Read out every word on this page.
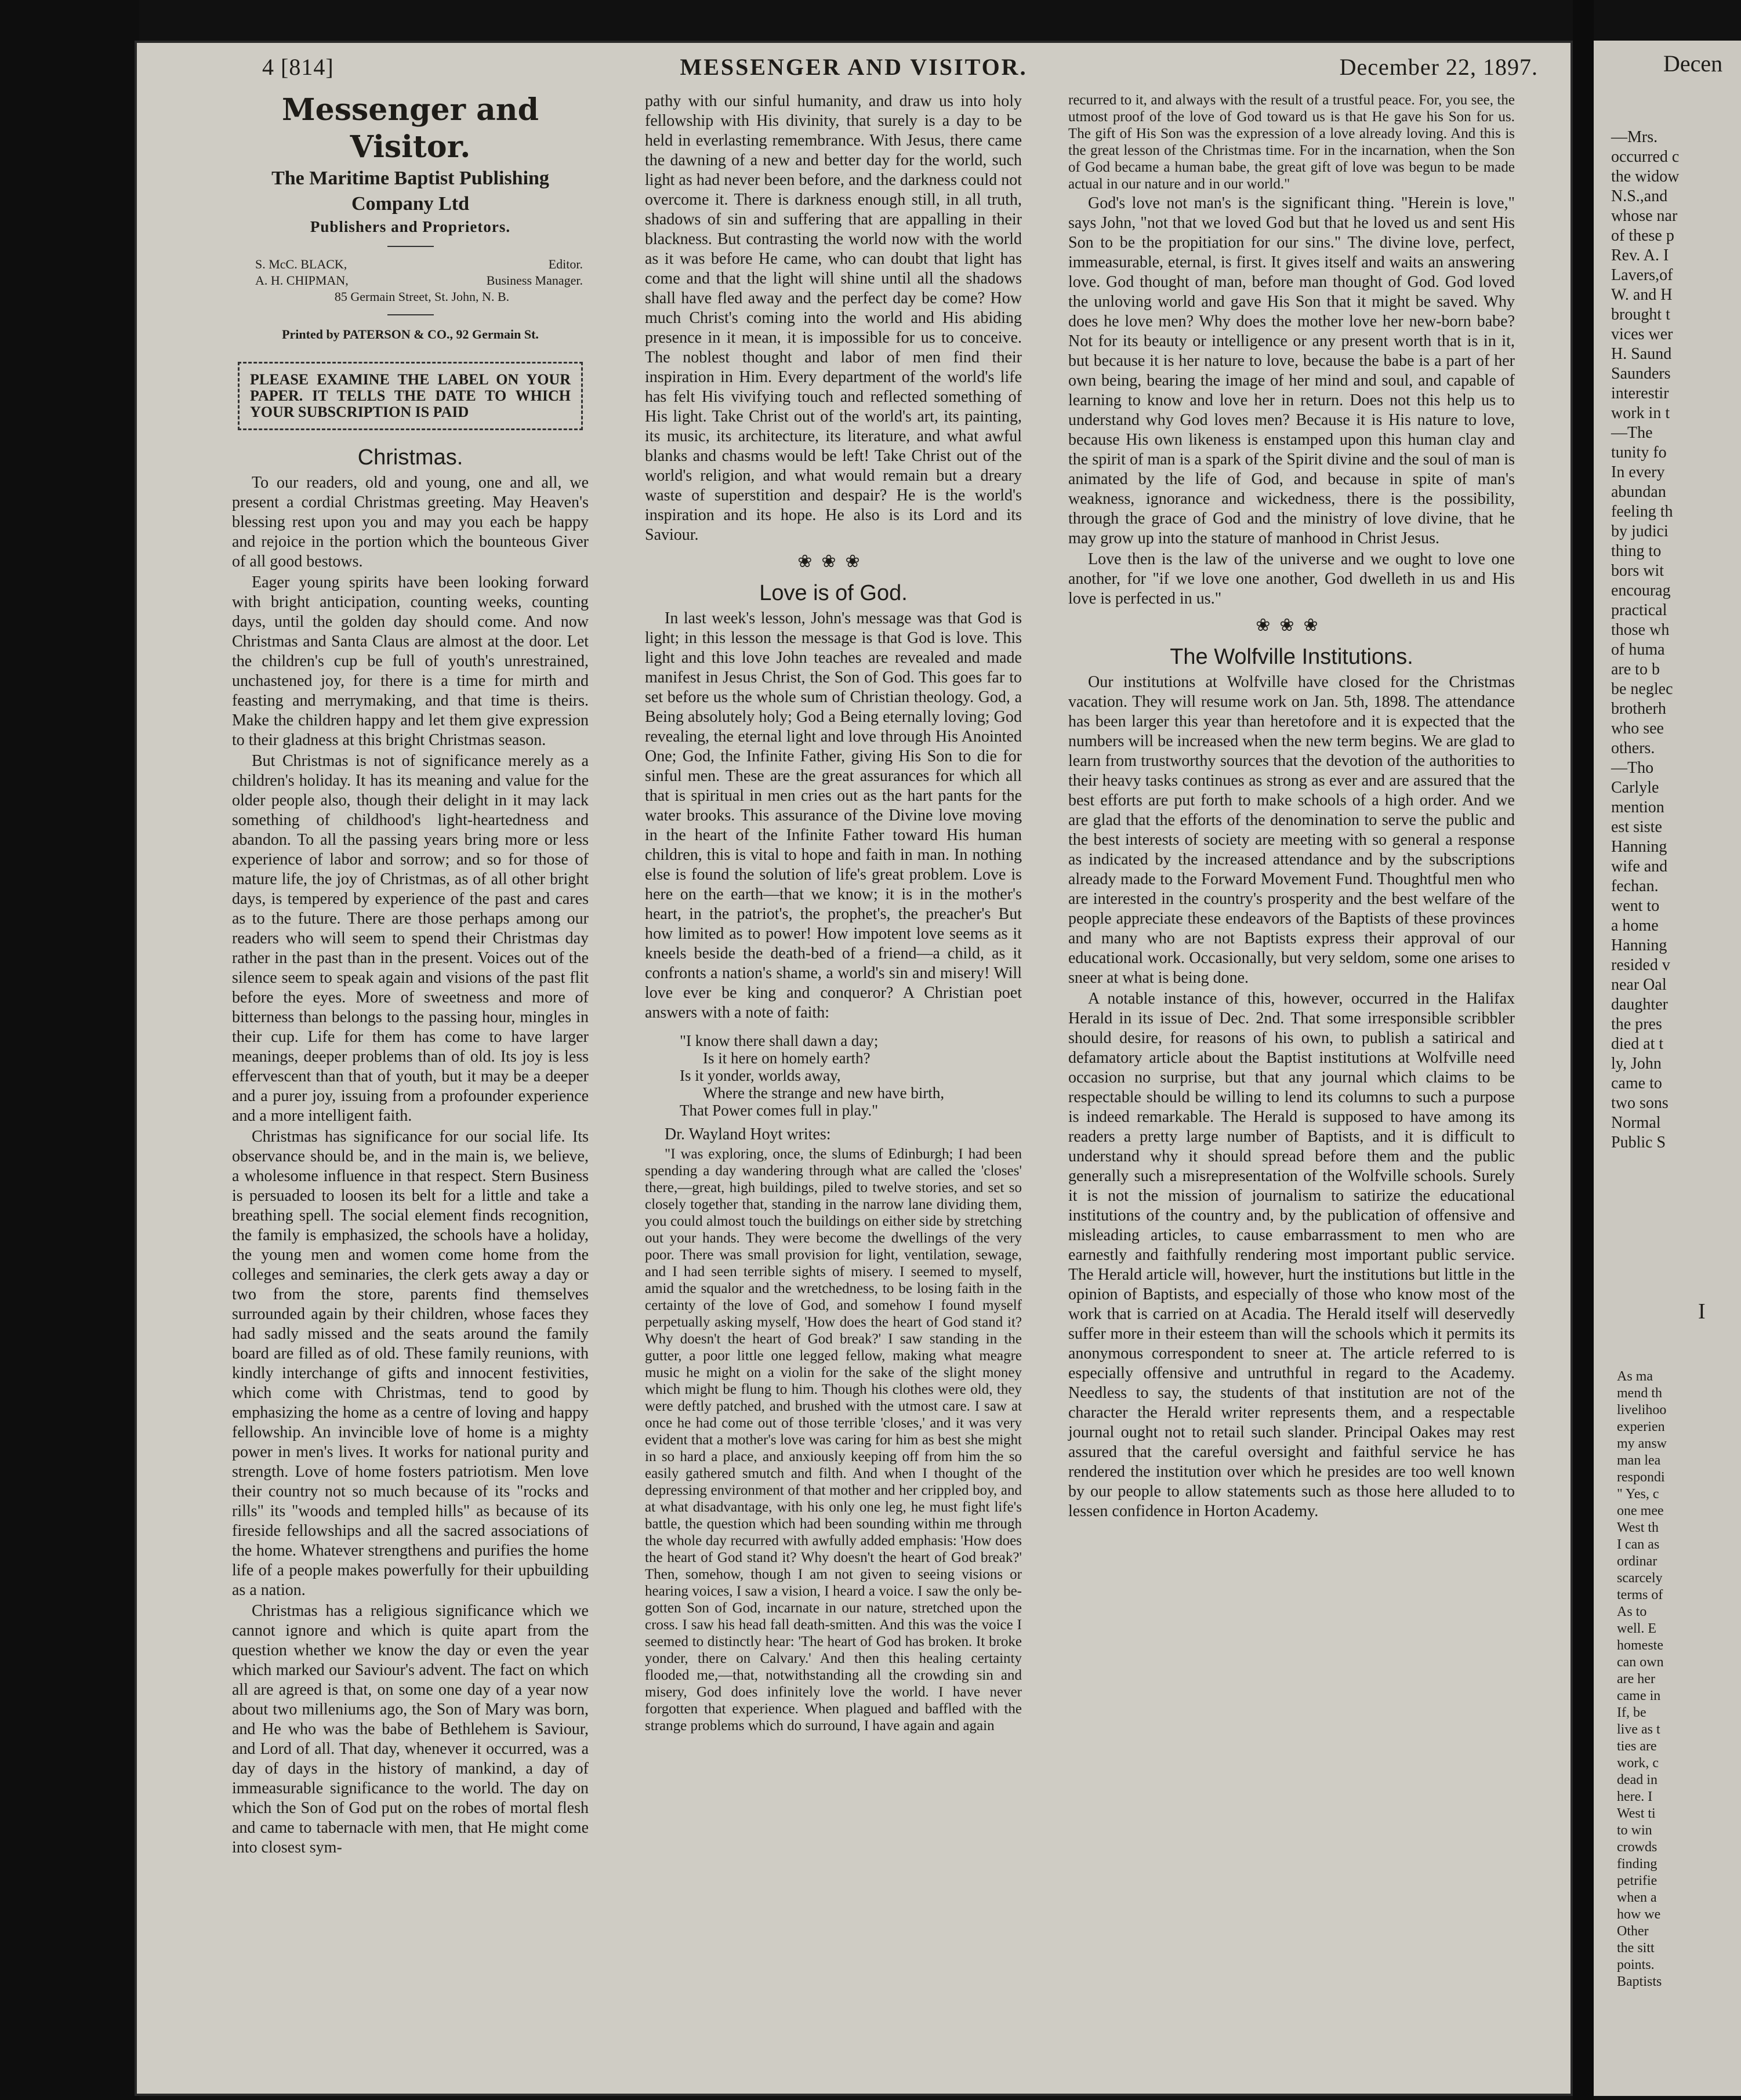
4 [814]	MESSENGER AND VISITOR.	December 22, 1897.
Messenger and Visitor.
The Maritime Baptist Publishing Company Ltd
Publishers and Proprietors.
S. McC. BLACK,	Editor.
A. H. CHIPMAN,	Business Manager.
85 Germain Street, St. John, N. B.
Printed by PATERSON & CO., 92 Germain St.
PLEASE EXAMINE THE LABEL ON YOUR PAPER. IT TELLS THE DATE TO WHICH YOUR SUBSCRIPTION IS PAID
Christmas.

To our readers, old and young, one and all, we present a cordial Christmas greeting. May Heaven's blessing rest upon you and may you each be happy and rejoice in the portion which the bounteous Giver of all good bestows.

Eager young spirits have been looking forward with bright anticipation, counting weeks, counting days, until the golden day should come. And now Christmas and Santa Claus are almost at the door. Let the children's cup be full of youth's unrestrained, unchastened joy, for there is a time for mirth and feasting and merrymaking, and that time is theirs. Make the children happy and let them give expression to their gladness at this bright Christmas season.

But Christmas is not of significance merely as a children's holiday. It has its meaning and value for the older people also, though their delight in it may lack something of childhood's light-heartedness and abandon. To all the passing years bring more or less experience of labor and sorrow; and so for those of mature life, the joy of Christmas, as of all other bright days, is tempered by experience of the past and cares as to the future. There are those perhaps among our readers who will seem to spend their Christmas day rather in the past than in the present. Voices out of the silence seem to speak again and visions of the past flit before the eyes. More of sweetness and more of bitterness than belongs to the passing hour, mingles in their cup. Life for them has come to have larger meanings, deeper problems than of old. Its joy is less effervescent than that of youth, but it may be a deeper and a purer joy, issuing from a profounder experience and a more intelligent faith.

Christmas has significance for our social life. Its observance should be, and in the main is, we believe, a wholesome influence in that respect. Stern Business is persuaded to loosen its belt for a little and take a breathing spell. The social element finds recognition, the family is emphasized, the schools have a holiday, the young men and women come home from the colleges and seminaries, the clerk gets away a day or two from the store, parents find themselves surrounded again by their children, whose faces they had sadly missed and the seats around the family board are filled as of old. These family reunions, with kindly interchange of gifts and innocent festivities, which come with Christmas, tend to good by emphasizing the home as a centre of loving and happy fellowship. An invincible love of home is a mighty power in men's lives. It works for national purity and strength. Love of home fosters patriotism. Men love their country not so much because of its "rocks and rills" its "woods and templed hills" as because of its fireside fellowships and all the sacred associations of the home. Whatever strengthens and purifies the home life of a people makes powerfully for their upbuilding as a nation.

Christmas has a religious significance which we cannot ignore and which is quite apart from the question whether we know the day or even the year which marked our Saviour's advent. The fact on which all are agreed is that, on some one day of a year now about two milleniums ago, the Son of Mary was born, and He who was the babe of Bethlehem is Saviour, and Lord of all. That day, whenever it occurred, was a day of days in the history of mankind, a day of immeasurable significance to the world. The day on which the Son of God put on the robes of mortal flesh and came to tabernacle with men, that He might come into closest sym-

pathy with our sinful humanity, and draw us into holy fellowship with His divinity, that surely is a day to be held in everlasting remembrance. With Jesus, there came the dawning of a new and better day for the world, such light as had never been before, and the darkness could not overcome it. There is darkness enough still, in all truth, shadows of sin and suffering that are appalling in their blackness. But contrasting the world now with the world as it was before He came, who can doubt that light has come and that the light will shine until all the shadows shall have fled away and the perfect day be come? How much Christ's coming into the world and His abiding presence in it mean, it is impossible for us to conceive. The noblest thought and labor of men find their inspiration in Him. Every department of the world's life has felt His vivifying touch and reflected something of His light. Take Christ out of the world's art, its painting, its music, its architecture, its literature, and what awful blanks and chasms would be left! Take Christ out of the world's religion, and what would remain but a dreary waste of superstition and despair? He is the world's inspiration and its hope. He also is its Lord and its Saviour.

❀❀❀
Love is of God.

In last week's lesson, John's message was that God is light; in this lesson the message is that God is love. This light and this love John teaches are revealed and made manifest in Jesus Christ, the Son of God. This goes far to set before us the whole sum of Christian theology. God, a Being absolutely holy; God a Being eternally loving; God revealing, the eternal light and love through His Anointed One; God, the Infinite Father, giving His Son to die for sinful men. These are the great assurances for which all that is spiritual in men cries out as the hart pants for the water brooks. This assurance of the Divine love moving in the heart of the Infinite Father toward His human children, this is vital to hope and faith in man. In nothing else is found the solution of life's great problem. Love is here on the earth—that we know; it is in the mother's heart, in the patriot's, the prophet's, the preacher's But how limited as to power! How impotent love seems as it kneels beside the death-bed of a friend—a child, as it confronts a nation's shame, a world's sin and misery! Will love ever be king and conqueror? A Christian poet answers with a note of faith:

"I know there shall dawn a day;
Is it here on homely earth?
Is it yonder, worlds away,
Where the strange and new have birth,
That Power comes full in play."

Dr. Wayland Hoyt writes:

"I was exploring, once, the slums of Edinburgh; I had been spending a day wandering through what are called the 'closes' there,—great, high buildings, piled to twelve stories, and set so closely together that, standing in the narrow lane dividing them, you could almost touch the buildings on either side by stretching out your hands. They were become the dwellings of the very poor. There was small provision for light, ventilation, sewage, and I had seen terrible sights of misery. I seemed to myself, amid the squalor and the wretchedness, to be losing faith in the certainty of the love of God, and somehow I found myself perpetually asking myself, 'How does the heart of God stand it? Why doesn't the heart of God break?' I saw standing in the gutter, a poor little one legged fellow, making what meagre music he might on a violin for the sake of the slight money which might be flung to him. Though his clothes were old, they were deftly patched, and brushed with the utmost care. I saw at once he had come out of those terrible 'closes,' and it was very evident that a mother's love was caring for him as best she might in so hard a place, and anxiously keeping off from him the so easily gathered smutch and filth. And when I thought of the depressing environment of that mother and her crippled boy, and at what disadvantage, with his only one leg, he must fight life's battle, the question which had been sounding within me through the whole day recurred with awfully added emphasis: 'How does the heart of God stand it? Why doesn't the heart of God break?' Then, somehow, though I am not given to seeing visions or hearing voices, I saw a vision, I heard a voice. I saw the only be-gotten Son of God, incarnate in our nature, stretched upon the cross. I saw his head fall death-smitten. And this was the voice I seemed to distinctly hear: 'The heart of God has broken. It broke yonder, there on Calvary.' And then this healing certainty flooded me,—that, notwithstanding all the crowding sin and misery, God does infinitely love the world. I have never forgotten that experience. When plagued and baffled with the strange problems which do surround, I have again and again

recurred to it, and always with the result of a trustful peace. For, you see, the utmost proof of the love of God toward us is that He gave his Son for us. The gift of His Son was the expression of a love already loving. And this is the great lesson of the Christmas time. For in the incarnation, when the Son of God became a human babe, the great gift of love was begun to be made actual in our nature and in our world."

God's love not man's is the significant thing. "Herein is love," says John, "not that we loved God but that he loved us and sent His Son to be the propitiation for our sins." The divine love, perfect, immeasurable, eternal, is first. It gives itself and waits an answering love. God thought of man, before man thought of God. God loved the unloving world and gave His Son that it might be saved. Why does he love men? Why does the mother love her new-born babe? Not for its beauty or intelligence or any present worth that is in it, but because it is her nature to love, because the babe is a part of her own being, bearing the image of her mind and soul, and capable of learning to know and love her in return. Does not this help us to understand why God loves men? Because it is His nature to love, because His own likeness is enstamped upon this human clay and the spirit of man is a spark of the Spirit divine and the soul of man is animated by the life of God, and because in spite of man's weakness, ignorance and wickedness, there is the possibility, through the grace of God and the ministry of love divine, that he may grow up into the stature of manhood in Christ Jesus.

Love then is the law of the universe and we ought to love one another, for "if we love one another, God dwelleth in us and His love is perfected in us."

❀❀❀
The Wolfville Institutions.

Our institutions at Wolfville have closed for the Christmas vacation. They will resume work on Jan. 5th, 1898. The attendance has been larger this year than heretofore and it is expected that the numbers will be increased when the new term begins. We are glad to learn from trustworthy sources that the devotion of the authorities to their heavy tasks continues as strong as ever and are assured that the best efforts are put forth to make schools of a high order. And we are glad that the efforts of the denomination to serve the public and the best interests of society are meeting with so general a response as indicated by the increased attendance and by the subscriptions already made to the Forward Movement Fund. Thoughtful men who are interested in the country's prosperity and the best welfare of the people appreciate these endeavors of the Baptists of these provinces and many who are not Baptists express their approval of our educational work. Occasionally, but very seldom, some one arises to sneer at what is being done.

A notable instance of this, however, occurred in the Halifax Herald in its issue of Dec. 2nd. That some irresponsible scribbler should desire, for reasons of his own, to publish a satirical and defamatory article about the Baptist institutions at Wolfville need occasion no surprise, but that any journal which claims to be respectable should be willing to lend its columns to such a purpose is indeed remarkable. The Herald is supposed to have among its readers a pretty large number of Baptists, and it is difficult to understand why it should spread before them and the public generally such a misrepresentation of the Wolfville schools. Surely it is not the mission of journalism to satirize the educational institutions of the country and, by the publication of offensive and misleading articles, to cause embarrassment to men who are earnestly and faithfully rendering most important public service. The Herald article will, however, hurt the institutions but little in the opinion of Baptists, and especially of those who know most of the work that is carried on at Acadia. The Herald itself will deservedly suffer more in their esteem than will the schools which it permits its anonymous correspondent to sneer at. The article referred to is especially offensive and untruthful in regard to the Academy. Needless to say, the students of that institution are not of the character the Herald writer represents them, and a respectable journal ought not to retail such slander. Principal Oakes may rest assured that the careful oversight and faithful service he has rendered the institution over which he presides are too well known by our people to allow statements such as those here alluded to to lessen confidence in Horton Academy.

Decen
—Mrs.
occurred c
the widow
N.S.,and
whose nar
of these p
Rev. A. I
Lavers,of
W. and H
brought t
vices wer
H. Saund
Saunders
interestir
work in t
—The
tunity fo
In every
abundan
feeling th
by judici
thing to
bors wit
encourag
practical
those wh
of huma
are to b
be neglec
brotherh
who see
others.
—Tho
Carlyle
mention
est siste
Hanning
wife and
fechan.
went to
a home
Hanning
resided v
near Oal
daughter
the pres
died at t
ly, John
came to
two sons
Normal
Public S
I
As ma
mend th
livelihoo
experien
my answ
man lea
respondi
" Yes, c
one mee
West th
I can as
ordinar
scarcely
terms of
As to
well. E
homeste
can own
are her
came in
If, be
live as t
ties are
work, c
dead in
here. I
West ti
to win
crowds
finding
petrifie
when a
how we
Other
the sitt
points.
Baptists
